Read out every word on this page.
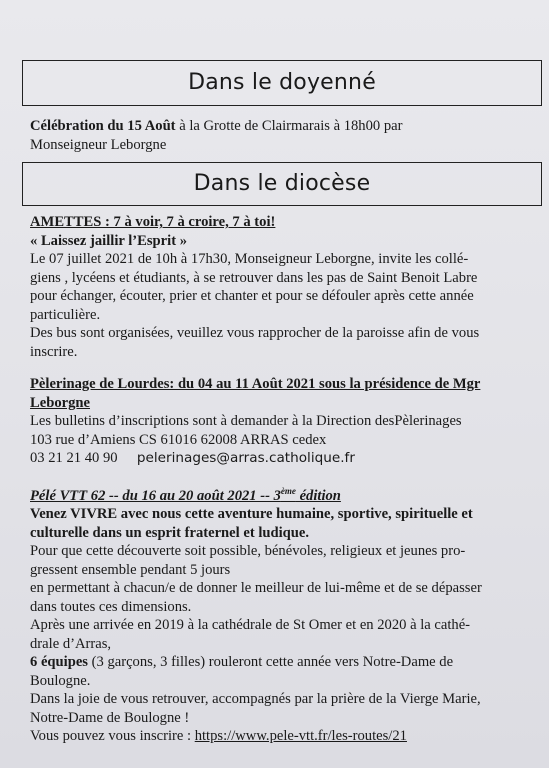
Dans le doyenné
Célébration du 15 Août à la Grotte de Clairmarais à 18h00 par
Monseigneur Leborgne
Dans le diocèse
AMETTES : 7 à voir, 7 à croire, 7 à toi!
« Laissez jaillir l’Esprit »
Le 07 juillet 2021 de 10h à 17h30, Monseigneur Leborgne, invite les collé-
giens , lycéens et étudiants, à se retrouver dans les pas de Saint Benoit Labre
pour échanger, écouter, prier et chanter et pour se défouler après cette année
particulière.
Des bus sont organisées, veuillez vous rapprocher de la paroisse afin de vous
inscrire.
Pèlerinage de Lourdes: du 04 au 11 Août 2021 sous la présidence de Mgr
Leborgne
Les bulletins d’inscriptions sont à demander à la Direction desPèlerinages
103 rue d’Amiens CS 61016 62008 ARRAS cedex
03 21 21 40 90 pelerinages@arras.catholique.fr
Pélé VTT 62 -- du 16 au 20 août 2021 -- 3ème édition
Venez VIVRE avec nous cette aventure humaine, sportive, spirituelle et
culturelle dans un esprit fraternel et ludique.
Pour que cette découverte soit possible, bénévoles, religieux et jeunes pro-
gressent ensemble pendant 5 jours
en permettant à chacun/e de donner le meilleur de lui-même et de se dépasser
dans toutes ces dimensions.
Après une arrivée en 2019 à la cathédrale de St Omer et en 2020 à la cathé-
drale d’Arras,
6 équipes (3 garçons, 3 filles) rouleront cette année vers Notre-Dame de
Boulogne.
Dans la joie de vous retrouver, accompagnés par la prière de la Vierge Marie,
Notre-Dame de Boulogne !
Vous pouvez vous inscrire : https://www.pele-vtt.fr/les-routes/21
